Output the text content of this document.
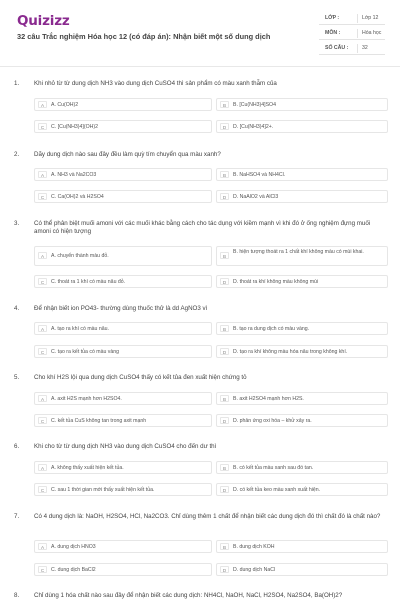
Quizizz
32 câu Trắc nghiệm Hóa học 12 (có đáp án): Nhận biết một số dung dịch
LỚP :	Lớp 12
MÔN :	Hóa học
SỐ CÂU :	32
1. Khi nhỏ từ từ dung dịch NH3 vào dung dịch CuSO4 thì sản phẩm có màu xanh thẫm của
A	A. Cu(OH)2	B	B. [Cu(NH3)4]SO4
C	C. [Cu(NH3)4](OH)2	D	D. [Cu(NH3)4]2+.
2. Dãy dung dịch nào sau đây đều làm quỳ tím chuyển qua màu xanh?
A	A. NH3 và Na2CO3	B	B. NaHSO4 và NH4Cl.
C	C. Ca(OH)2 và H2SO4	D	D. NaAlO2 và AlCl3
3. Có thể phân biệt muối amoni với các muối khác bằng cách cho tác dụng với kiềm mạnh vì khi đó ở ống nghiệm đựng muối amoni có hiện tượng
A	A. chuyển thành màu đỏ.	B
B. hiện tượng thoát ra 1 chất khí không màu có mùi khai.
C	C. thoát ra 1 khí có màu nâu đỏ.	D	D. thoát ra khí không màu không mùi
4. Để nhận biết ion PO43- thường dùng thuốc thử là dd AgNO3 vì
A	A. tạo ra khí có màu nâu.	B	B. tạo ra dung dịch có màu vàng.
C	C. tạo ra kết tủa có màu vàng	D	D. tạo ra khí không màu hóa nâu trong không khí.
5. Cho khí H2S lội qua dung dịch CuSO4 thấy có kết tủa đen xuất hiện chứng tỏ
A	A. axit H2S mạnh hơn H2SO4.	B	B. axit H2SO4 mạnh hơn H2S.
C	C. kết tủa CuS không tan trong axit mạnh	D	D. phản ứng oxi hóa – khử xảy ra.
6. Khi cho từ từ dung dịch NH3 vào dung dịch CuSO4 cho đến dư thì
A	A. không thấy xuất hiện kết tủa.	B	B. có kết tủa màu xanh sau đó tan.
C	C. sau 1 thời gian mới thấy xuất hiện kết tủa.	D	D. có kết tủa keo màu xanh xuất hiện.
7. Có 4 dung dịch là: NaOH, H2SO4, HCl, Na2CO3. Chỉ dùng thêm 1 chất để nhận biết các dung dịch đó thì chất đó là chất nào?
A	A. dung dịch HNO3	B	B. dung dịch KOH
C	C. dung dịch BaCl2	D	D. dung dịch NaCl
8. Chỉ dùng 1 hóa chất nào sau đây để nhận biết các dung dịch: NH4Cl, NaOH, NaCl, H2SO4, Na2SO4, Ba(OH)2?
